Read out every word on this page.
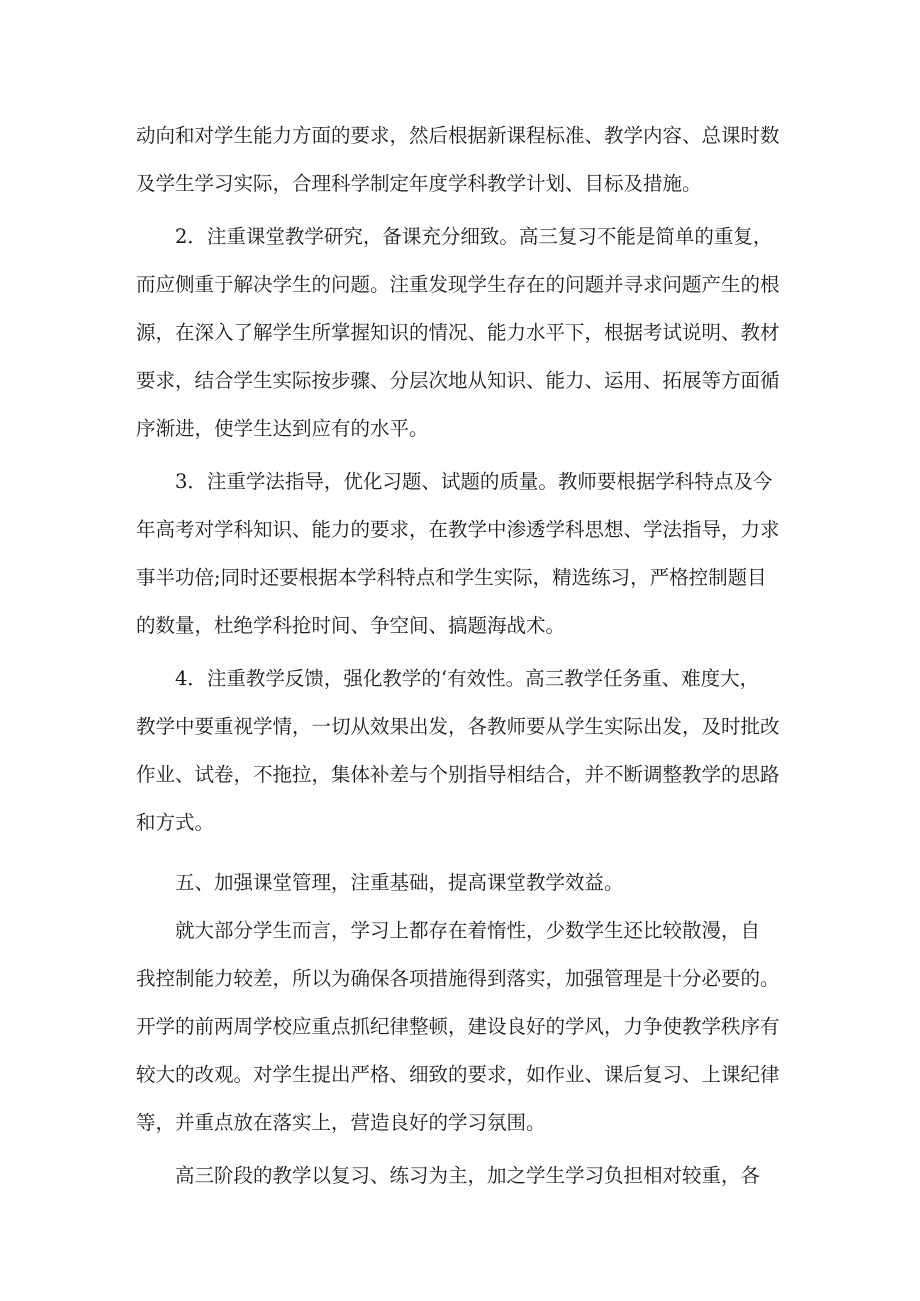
动向和对学生能力方面的要求，然后根据新课程标准、教学内容、总课时数
及学生学习实际，合理科学制定年度学科教学计划、目标及措施。
2．注重课堂教学研究，备课充分细致。高三复习不能是简单的重复，
而应侧重于解决学生的问题。注重发现学生存在的问题并寻求问题产生的根
源，在深入了解学生所掌握知识的情况、能力水平下，根据考试说明、教材
要求，结合学生实际按步骤、分层次地从知识、能力、运用、拓展等方面循
序渐进，使学生达到应有的水平。
3．注重学法指导，优化习题、试题的质量。教师要根据学科特点及今
年高考对学科知识、能力的要求，在教学中渗透学科思想、学法指导，力求
事半功倍;同时还要根据本学科特点和学生实际，精选练习，严格控制题目
的数量，杜绝学科抢时间、争空间、搞题海战术。
4．注重教学反馈，强化教学的‘有效性。高三教学任务重、难度大，
教学中要重视学情，一切从效果出发，各教师要从学生实际出发，及时批改
作业、试卷，不拖拉，集体补差与个别指导相结合，并不断调整教学的思路
和方式。
五、加强课堂管理，注重基础，提高课堂教学效益。
就大部分学生而言，学习上都存在着惰性，少数学生还比较散漫，自
我控制能力较差，所以为确保各项措施得到落实，加强管理是十分必要的。
开学的前两周学校应重点抓纪律整顿，建设良好的学风，力争使教学秩序有
较大的改观。对学生提出严格、细致的要求，如作业、课后复习、上课纪律
等，并重点放在落实上，营造良好的学习氛围。
高三阶段的教学以复习、练习为主，加之学生学习负担相对较重，各
